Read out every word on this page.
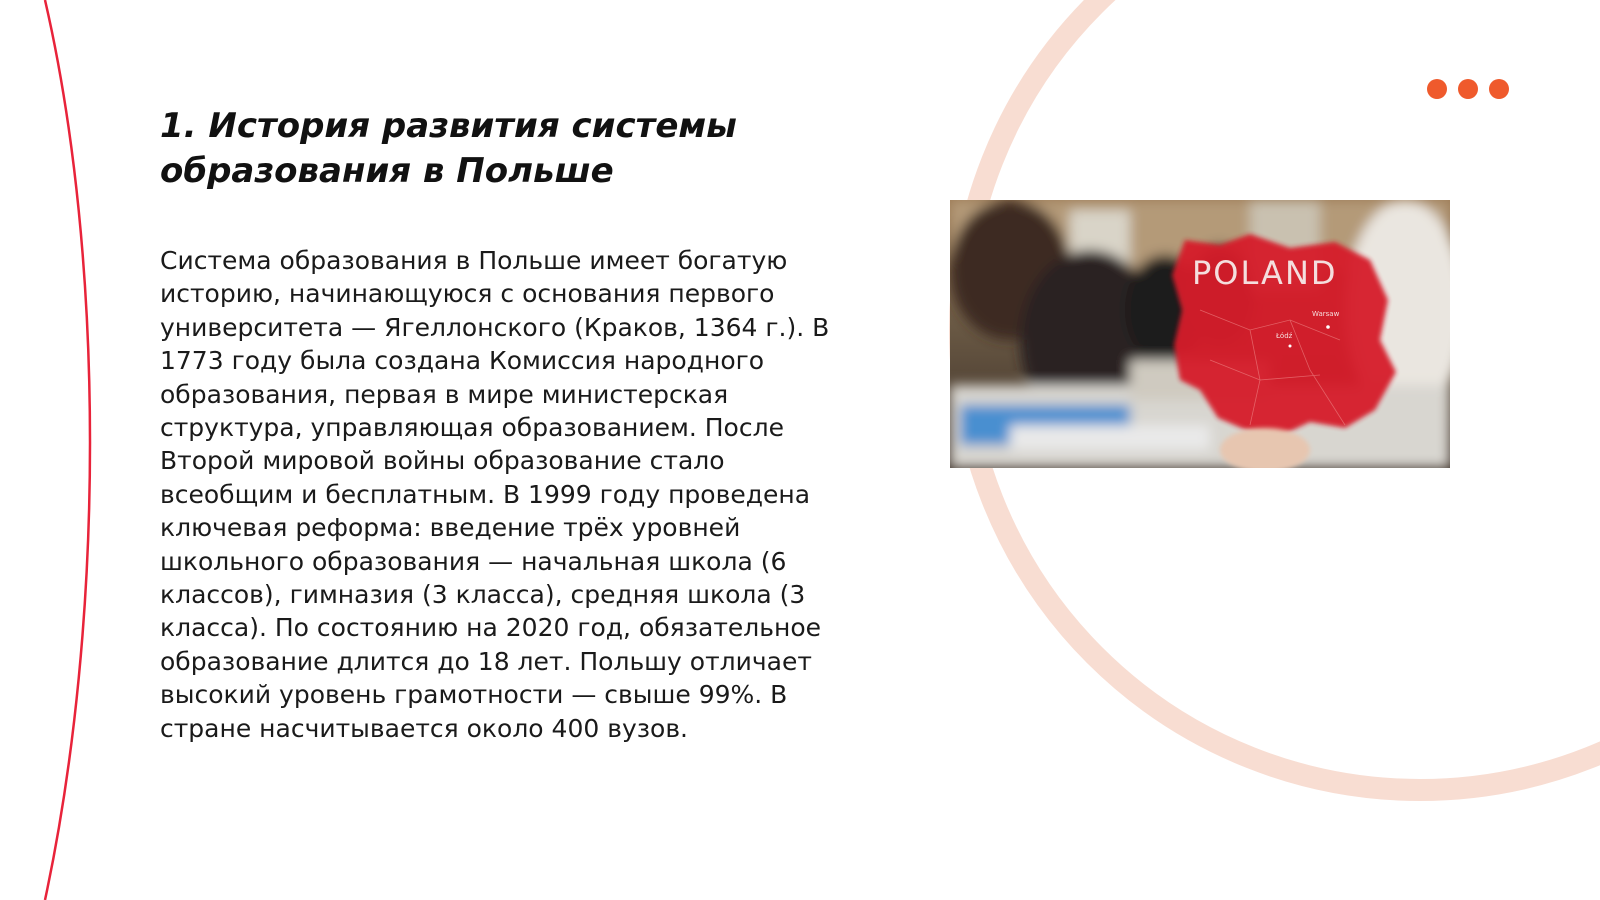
1. История развития системы образования в Польше

Система образования в Польше имеет богатую историю, начинающуюся с основания первого университета — Ягеллонского (Краков, 1364 г.). В 1773 году была создана Комиссия народного образования, первая в мире министерская структура, управляющая образованием. После Второй мировой войны образование стало всеобщим и бесплатным. В 1999 году проведена ключевая реформа: введение трёх уровней школьного образования — начальная школа (6 классов), гимназия (3 класса), средняя школа (3 класса). По состоянию на 2020 год, обязательное образование длится до 18 лет. Польшу отличает высокий уровень грамотности — свыше 99%. В стране насчитывается около 400 вузов.

POLAND
Warsaw
Łódź
